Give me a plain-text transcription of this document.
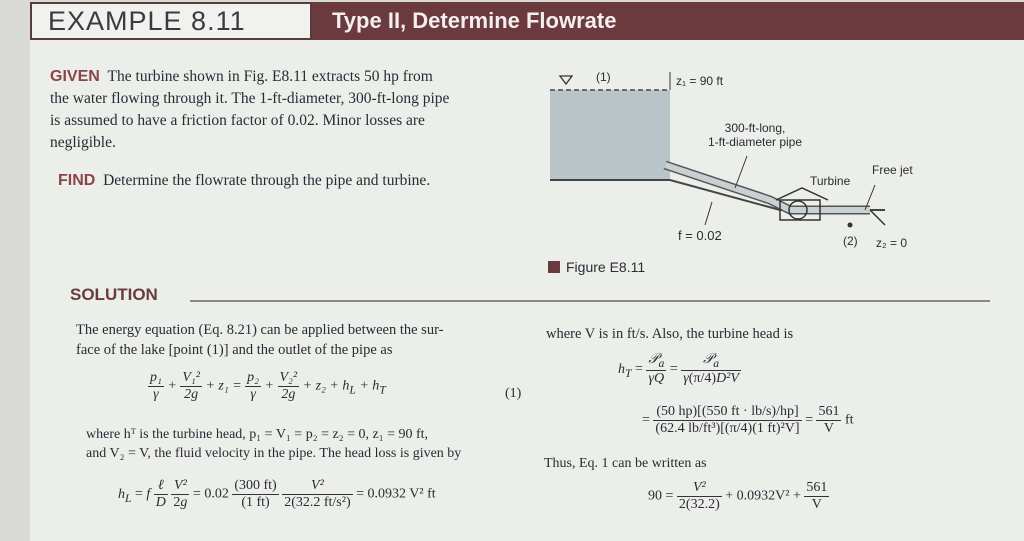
EXAMPLE 8.11	Type II, Determine Flowrate
GIVEN The turbine shown in Fig. E8.11 extracts 50 hp from
the water flowing through it. The 1-ft-diameter, 300-ft-long pipe
is assumed to have a friction factor of 0.02. Minor losses are
negligible.
FIND Determine the flowrate through the pipe and turbine.
(1)	z₁ = 90 ft
300-ft-long,
1-ft-diameter pipe
Turbine
Free jet
f = 0.02	(2) z₂ = 0
Figure E8.11
SOLUTION
The energy equation (Eq. 8.21) can be applied between the sur-
face of the lake [point (1)] and the outlet of the pipe as
$\frac{\text{p₁}}{\gamma} + \frac{\text{V₁²}}{2g} + z_1 = \frac{\text{p₂}}{\gamma} + \frac{\text{V₂²}}{2g} + z_2 + h_L + h_T$	(1)
where hᵀ is the turbine head, p₁ = V₁ = p₂ = z₂ = 0, z₁ = 90 ft,
and V₂ = V, the fluid velocity in the pipe. The head loss is given by
$h_L = f \frac{\text{ℓ}}{D}$
$\frac{\text{V²}}{2g} = 0.02 \frac{(300 ft)}{(1 ft)}$
$\frac{\text{V²}}{\text{2(32.2 ft/s²)}} = 0.0932$ V² ft
where V is in ft/s. Also, the turbine head is
$h_T = \frac{𝒫_a}{\gamma Q} = \frac{𝒫_a}{\text{γ(π/4)D²V}}$
= $\frac{(50 hp)[(550 ft \cdot lb/s)/hp]}{\text{(62.4 lb/ft³)[(π/4)(1 ft)²V]}} = \frac{561}{V}$ ft
Thus, Eq. 1 can be written as
$90 = \frac{\text{V²}}{2(32.2)} + 0.0932V^2 + \frac{561}{V}$
